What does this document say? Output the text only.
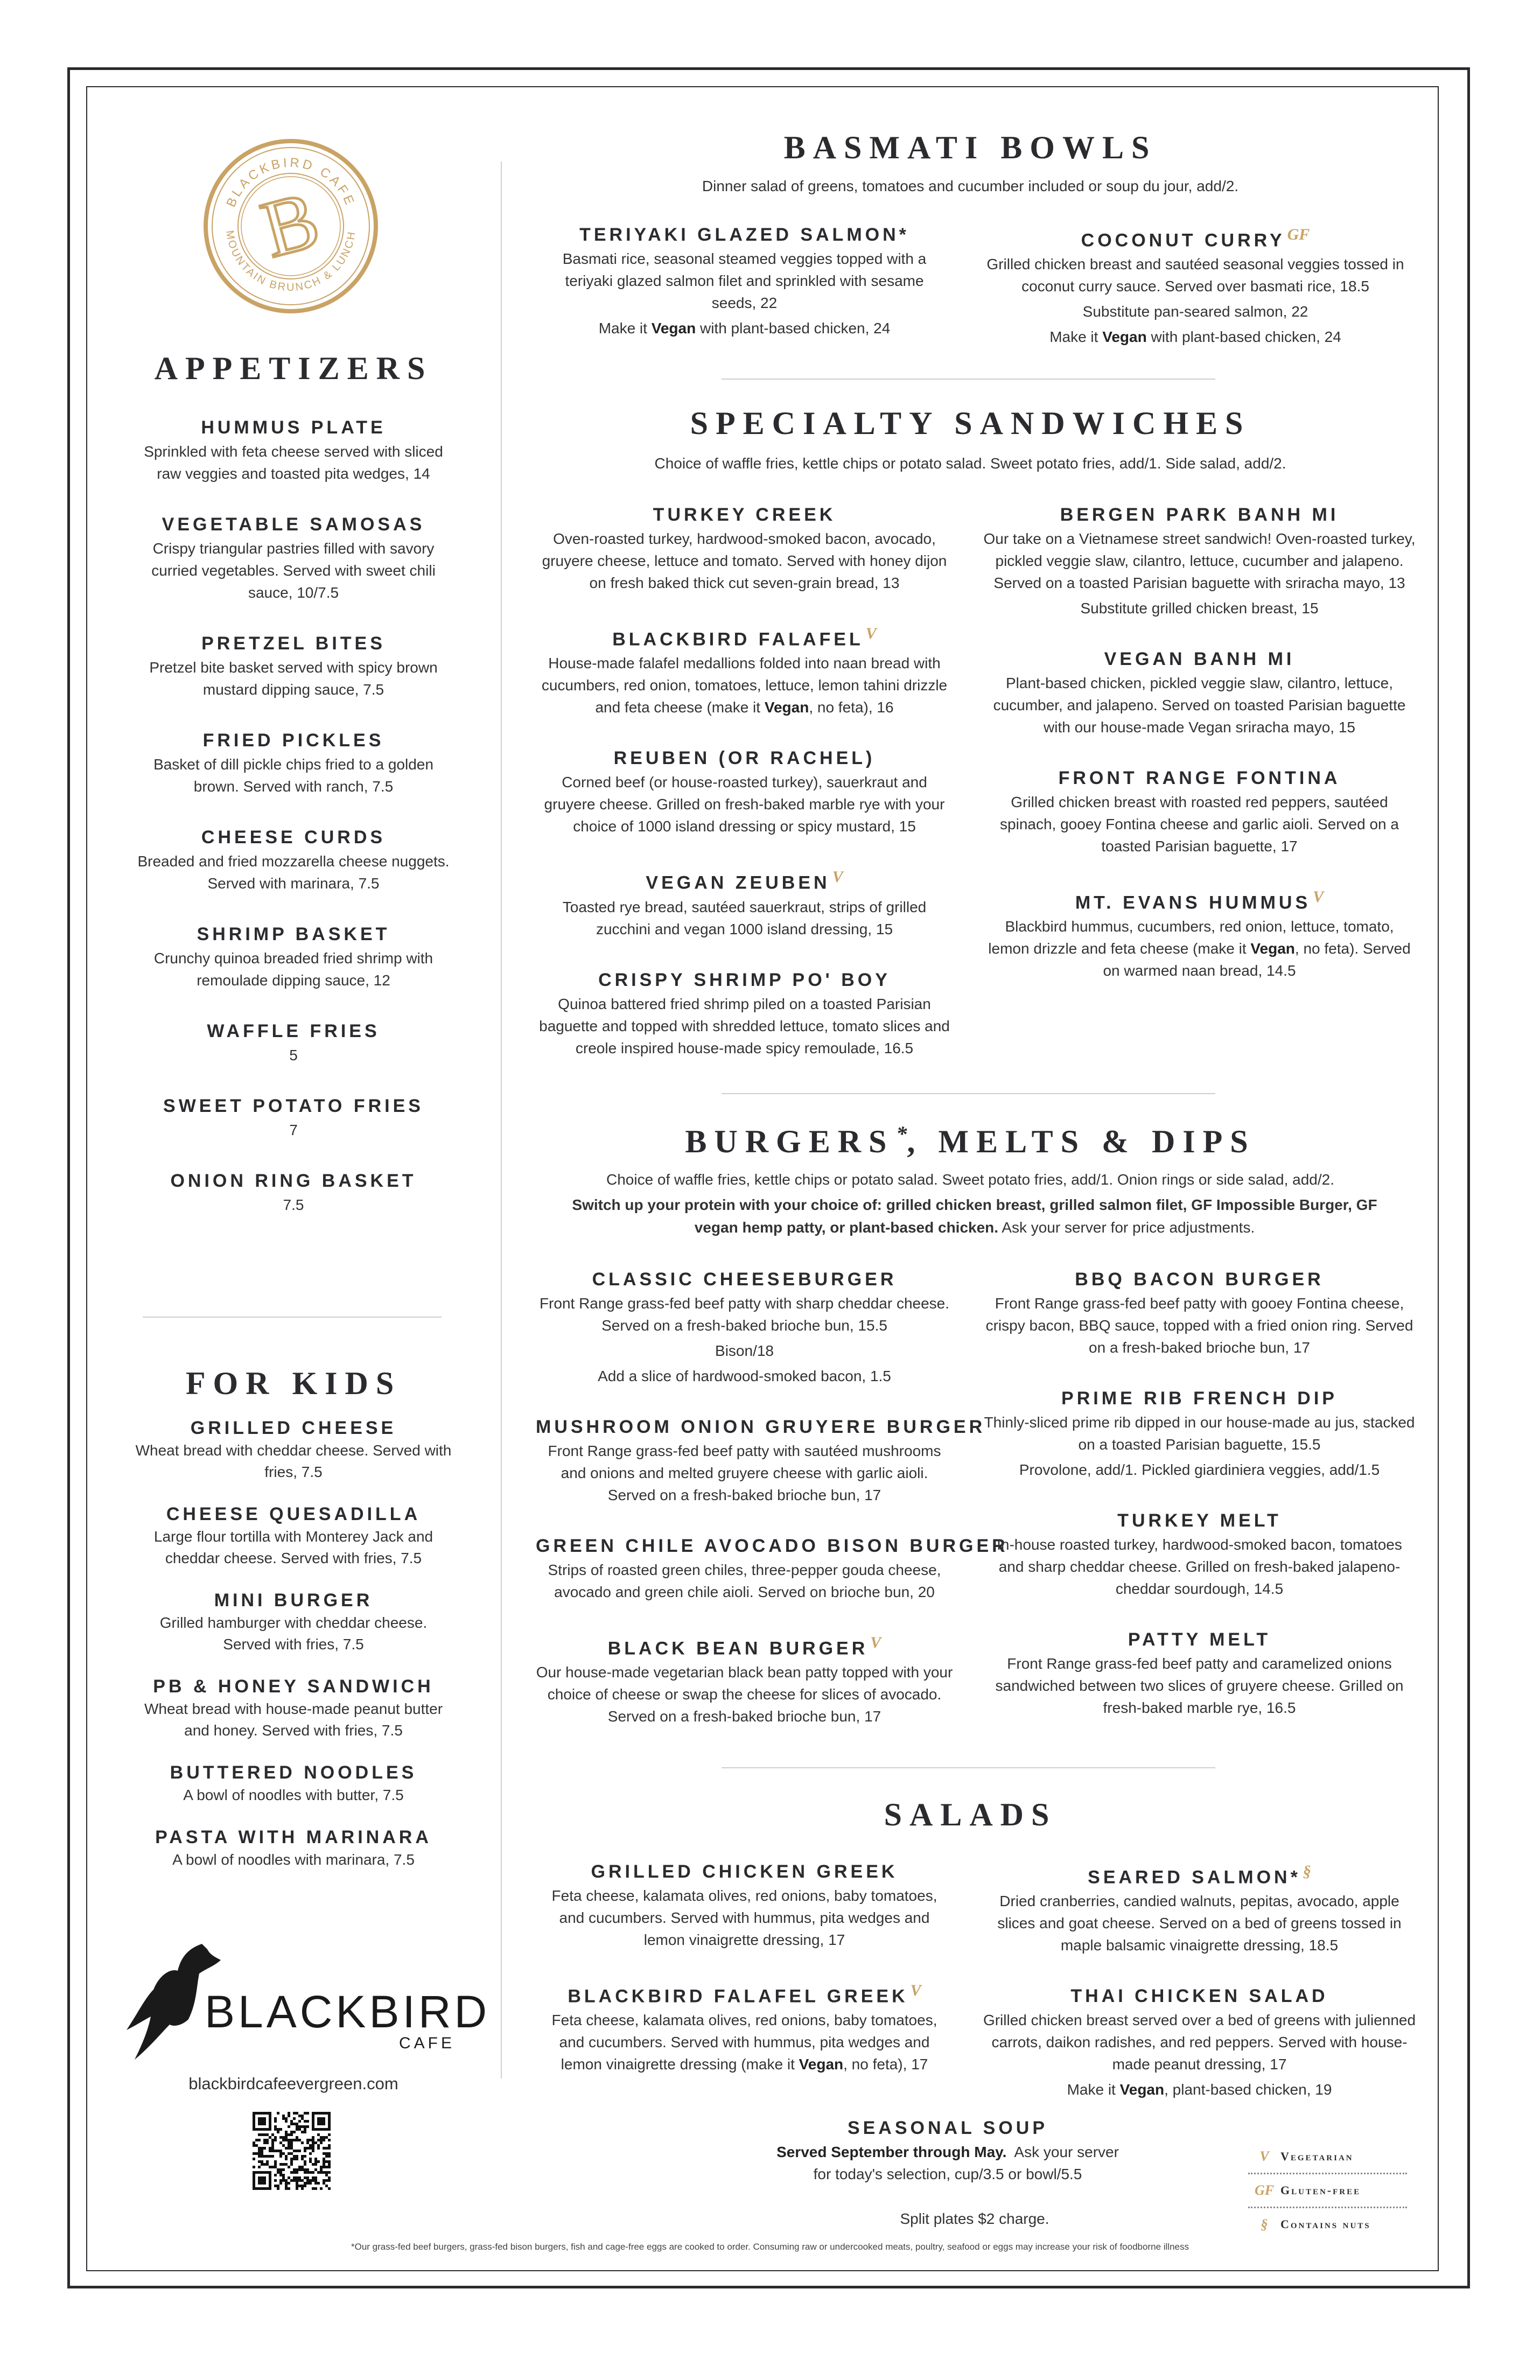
BLACKBIRD CAFE
MOUNTAIN BRUNCH & LUNCH
B
APPETIZERS
HUMMUS PLATE
Sprinkled with feta cheese served with sliced raw veggies and toasted pita wedges, 14
VEGETABLE SAMOSAS
Crispy triangular pastries filled with savory curried vegetables. Served with sweet chili sauce, 10/7.5
PRETZEL BITES
Pretzel bite basket served with spicy brown mustard dipping sauce, 7.5
FRIED PICKLES
Basket of dill pickle chips fried to a golden brown. Served with ranch, 7.5
CHEESE CURDS
Breaded and fried mozzarella cheese nuggets. Served with marinara, 7.5
SHRIMP BASKET
Crunchy quinoa breaded fried shrimp with remoulade dipping sauce, 12
WAFFLE FRIES
5
SWEET POTATO FRIES
7
ONION RING BASKET
7.5
FOR KIDS
GRILLED CHEESE
Wheat bread with cheddar cheese. Served with fries, 7.5
CHEESE QUESADILLA
Large flour tortilla with Monterey Jack and cheddar cheese. Served with fries, 7.5
MINI BURGER
Grilled hamburger with cheddar cheese. Served with fries, 7.5
PB & HONEY SANDWICH
Wheat bread with house-made peanut butter and honey. Served with fries, 7.5
BUTTERED NOODLES
A bowl of noodles with butter, 7.5
PASTA WITH MARINARA
A bowl of noodles with marinara, 7.5
BLACKBIRD
CAFE
blackbirdcafeevergreen.com
BASMATI BOWLS
Dinner salad of greens, tomatoes and cucumber included or soup du jour, add/2.
TERIYAKI GLAZED SALMON*
Basmati rice, seasonal steamed veggies topped with a teriyaki glazed salmon filet and sprinkled with sesame seeds, 22
Make it Vegan with plant-based chicken, 24
COCONUT CURRY GF
Grilled chicken breast and sautéed seasonal veggies tossed in coconut curry sauce. Served over basmati rice, 18.5
Substitute pan-seared salmon, 22
Make it Vegan with plant-based chicken, 24
SPECIALTY SANDWICHES
Choice of waffle fries, kettle chips or potato salad. Sweet potato fries, add/1. Side salad, add/2.
TURKEY CREEK
Oven-roasted turkey, hardwood-smoked bacon, avocado, gruyere cheese, lettuce and tomato. Served with honey dijon on fresh baked thick cut seven-grain bread, 13
BLACKBIRD FALAFEL V
House-made falafel medallions folded into naan bread with cucumbers, red onion, tomatoes, lettuce, lemon tahini drizzle and feta cheese (make it Vegan, no feta), 16
REUBEN (OR RACHEL)
Corned beef (or house-roasted turkey), sauerkraut and gruyere cheese. Grilled on fresh-baked marble rye with your choice of 1000 island dressing or spicy mustard, 15
VEGAN ZEUBEN V
Toasted rye bread, sautéed sauerkraut, strips of grilled zucchini and vegan 1000 island dressing, 15
CRISPY SHRIMP PO' BOY
Quinoa battered fried shrimp piled on a toasted Parisian baguette and topped with shredded lettuce, tomato slices and creole inspired house-made spicy remoulade, 16.5
BERGEN PARK BANH MI
Our take on a Vietnamese street sandwich! Oven-roasted turkey, pickled veggie slaw, cilantro, lettuce, cucumber and jalapeno. Served on a toasted Parisian baguette with sriracha mayo, 13
Substitute grilled chicken breast, 15
VEGAN BANH MI
Plant-based chicken, pickled veggie slaw, cilantro, lettuce, cucumber, and jalapeno. Served on toasted Parisian baguette with our house-made Vegan sriracha mayo, 15
FRONT RANGE FONTINA
Grilled chicken breast with roasted red peppers, sautéed spinach, gooey Fontina cheese and garlic aioli. Served on a toasted Parisian baguette, 17
MT. EVANS HUMMUS V
Blackbird hummus, cucumbers, red onion, lettuce, tomato, lemon drizzle and feta cheese (make it Vegan, no feta). Served on warmed naan bread, 14.5
BURGERS *, MELTS & DIPS
Choice of waffle fries, kettle chips or potato salad. Sweet potato fries, add/1. Onion rings or side salad, add/2.
Switch up your protein with your choice of: grilled chicken breast, grilled salmon filet, GF Impossible Burger, GF vegan hemp patty, or plant-based chicken. Ask your server for price adjustments.
CLASSIC CHEESEBURGER
Front Range grass-fed beef patty with sharp cheddar cheese. Served on a fresh-baked brioche bun, 15.5
Bison/18
Add a slice of hardwood-smoked bacon, 1.5
MUSHROOM ONION GRUYERE BURGER
Front Range grass-fed beef patty with sautéed mushrooms and onions and melted gruyere cheese with garlic aioli. Served on a fresh-baked brioche bun, 17
GREEN CHILE AVOCADO BISON BURGER
Strips of roasted green chiles, three-pepper gouda cheese, avocado and green chile aioli. Served on brioche bun, 20
BLACK BEAN BURGER V
Our house-made vegetarian black bean patty topped with your choice of cheese or swap the cheese for slices of avocado. Served on a fresh-baked brioche bun, 17
BBQ BACON BURGER
Front Range grass-fed beef patty with gooey Fontina cheese, crispy bacon, BBQ sauce, topped with a fried onion ring. Served on a fresh-baked brioche bun, 17
PRIME RIB FRENCH DIP
Thinly-sliced prime rib dipped in our house-made au jus, stacked on a toasted Parisian baguette, 15.5
Provolone, add/1. Pickled giardiniera veggies, add/1.5
TURKEY MELT
In-house roasted turkey, hardwood-smoked bacon, tomatoes and sharp cheddar cheese. Grilled on fresh-baked jalapeno-cheddar sourdough, 14.5
PATTY MELT
Front Range grass-fed beef patty and caramelized onions sandwiched between two slices of gruyere cheese. Grilled on fresh-baked marble rye, 16.5
SALADS
GRILLED CHICKEN GREEK
Feta cheese, kalamata olives, red onions, baby tomatoes, and cucumbers. Served with hummus, pita wedges and lemon vinaigrette dressing, 17
BLACKBIRD FALAFEL GREEK V
Feta cheese, kalamata olives, red onions, baby tomatoes, and cucumbers. Served with hummus, pita wedges and lemon vinaigrette dressing (make it Vegan, no feta), 17
SEARED SALMON* §
Dried cranberries, candied walnuts, pepitas, avocado, apple slices and goat cheese. Served on a bed of greens tossed in maple balsamic vinaigrette dressing, 18.5
THAI CHICKEN SALAD
Grilled chicken breast served over a bed of greens with julienned carrots, daikon radishes, and red peppers. Served with house-made peanut dressing, 17
Make it Vegan, plant-based chicken, 19
SEASONAL SOUP
Served September through May.  Ask your server
for today's selection, cup/3.5 or bowl/5.5
Split plates $2 charge.
*Our grass-fed beef burgers, grass-fed bison burgers, fish and cage-free eggs are cooked to order. Consuming raw or undercooked meats, poultry, seafood or eggs may increase your risk of foodborne illness
V Vegetarian
GF Gluten-free
§	Contains nuts
